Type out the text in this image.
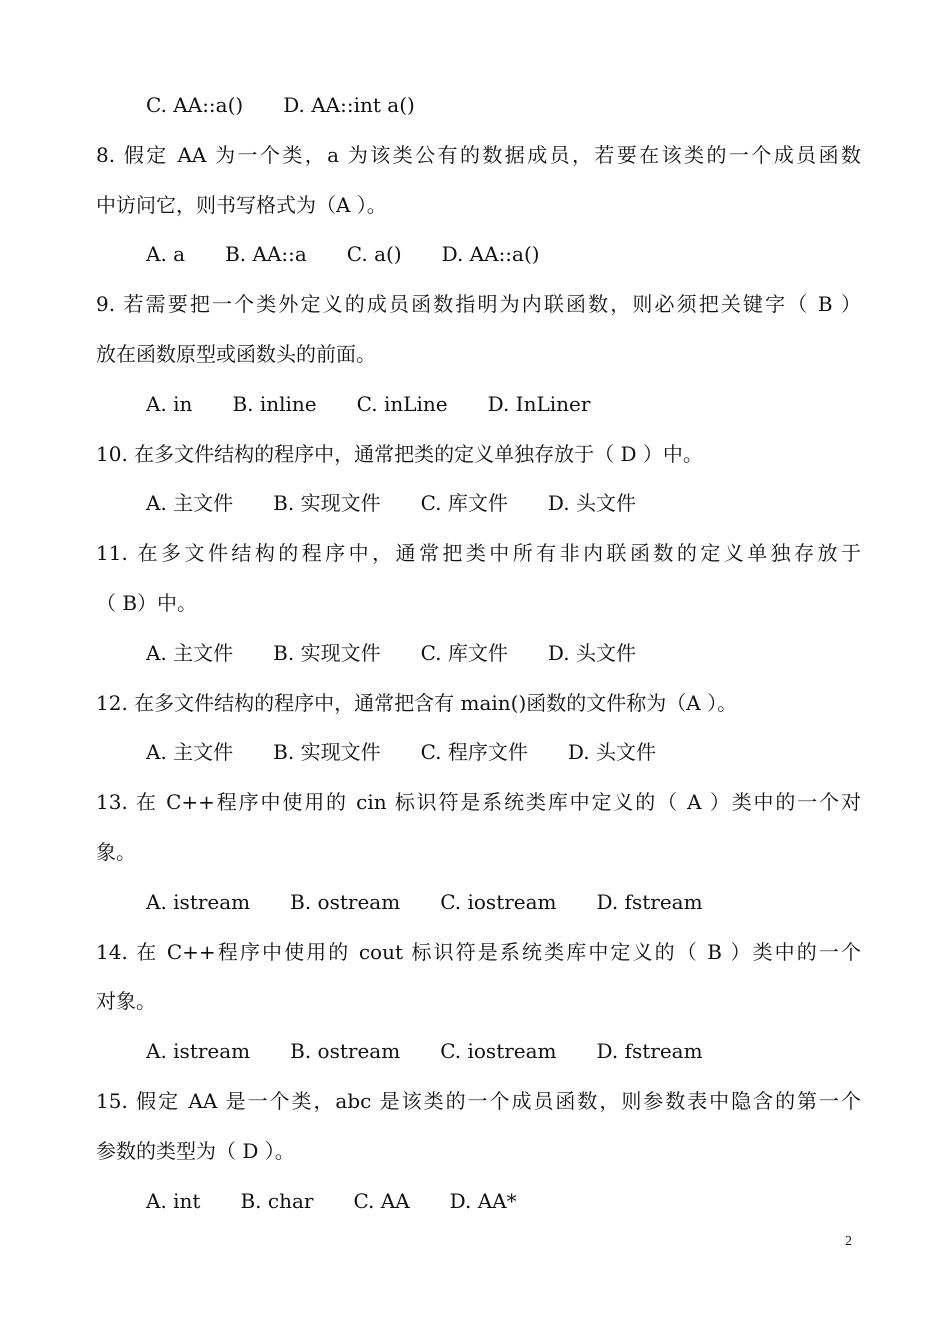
C. AA::a() D. AA::int a()
8. 假定 AA 为一个类，a 为该类公有的数据成员，若要在该类的一个成员函数
中访问它，则书写格式为（A ）。
A. a B. AA::a C. a() D. AA::a()
9. 若需要把一个类外定义的成员函数指明为内联函数，则必须把关键字（ B ）
放在函数原型或函数头的前面。
A. in B. inline C. inLine D. InLiner
10. 在多文件结构的程序中，通常把类的定义单独存放于（ D ）中。
A. 主文件 B. 实现文件 C. 库文件 D. 头文件
11. 在多文件结构的程序中，通常把类中所有非内联函数的定义单独存放于
（ B）中。
A. 主文件 B. 实现文件 C. 库文件 D. 头文件
12. 在多文件结构的程序中，通常把含有 main()函数的文件称为（A ）。
A. 主文件 B. 实现文件 C. 程序文件 D. 头文件
13. 在 C++程序中使用的 cin 标识符是系统类库中定义的（ A ）类中的一个对
象。
A. istream B. ostream C. iostream D. fstream
14. 在 C++程序中使用的 cout 标识符是系统类库中定义的（ B ）类中的一个
对象。
A. istream B. ostream C. iostream D. fstream
15. 假定 AA 是一个类，abc 是该类的一个成员函数，则参数表中隐含的第一个
参数的类型为（ D ）。
A. int B. char C. AA D. AA*
2
